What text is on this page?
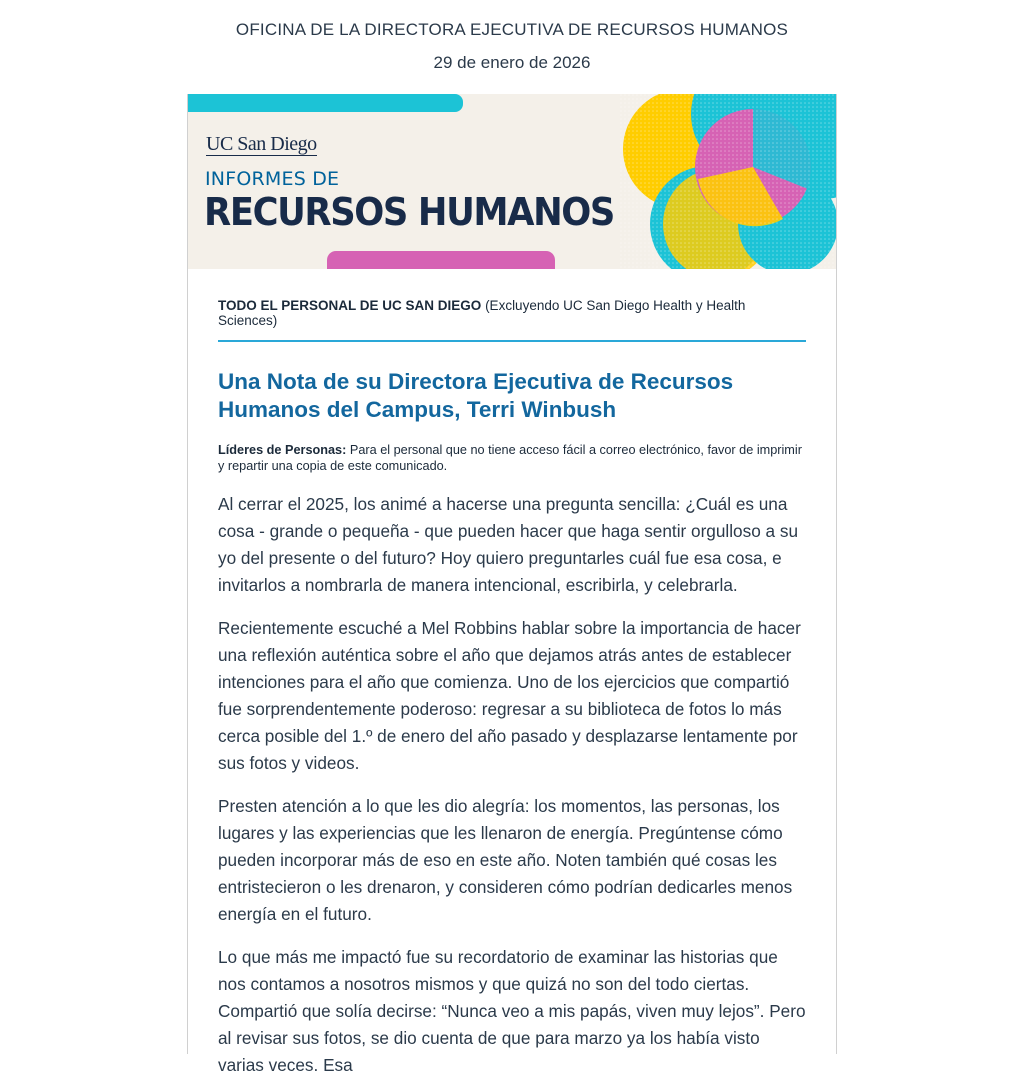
OFICINA DE LA DIRECTORA EJECUTIVA DE RECURSOS HUMANOS
29 de enero de 2026
UC San Diego
INFORMES DE
RECURSOS HUMANOS
TODO EL PERSONAL DE UC SAN DIEGO (Excluyendo UC San Diego Health y Health Sciences)
Una Nota de su Directora Ejecutiva de Recursos Humanos del Campus, Terri Winbush
Líderes de Personas: Para el personal que no tiene acceso fácil a correo electrónico, favor de imprimir y repartir una copia de este comunicado.

Al cerrar el 2025, los animé a hacerse una pregunta sencilla: ¿Cuál es una cosa - grande o pequeña - que pueden hacer que haga sentir orgulloso a su yo del presente o del futuro? Hoy quiero preguntarles cuál fue esa cosa, e invitarlos a nombrarla de manera intencional, escribirla, y celebrarla.

Recientemente escuché a Mel Robbins hablar sobre la importancia de hacer una reflexión auténtica sobre el año que dejamos atrás antes de establecer intenciones para el año que comienza. Uno de los ejercicios que compartió fue sorprendentemente poderoso: regresar a su biblioteca de fotos lo más cerca posible del 1.º de enero del año pasado y desplazarse lentamente por sus fotos y videos.

Presten atención a lo que les dio alegría: los momentos, las personas, los lugares y las experiencias que les llenaron de energía. Pregúntense cómo pueden incorporar más de eso en este año. Noten también qué cosas les entristecieron o les drenaron, y consideren cómo podrían dedicarles menos energía en el futuro.

Lo que más me impactó fue su recordatorio de examinar las historias que nos contamos a nosotros mismos y que quizá no son del todo ciertas. Compartió que solía decirse: “Nunca veo a mis papás, viven muy lejos”. Pero al revisar sus fotos, se dio cuenta de que para marzo ya los había visto varias veces. Esa
